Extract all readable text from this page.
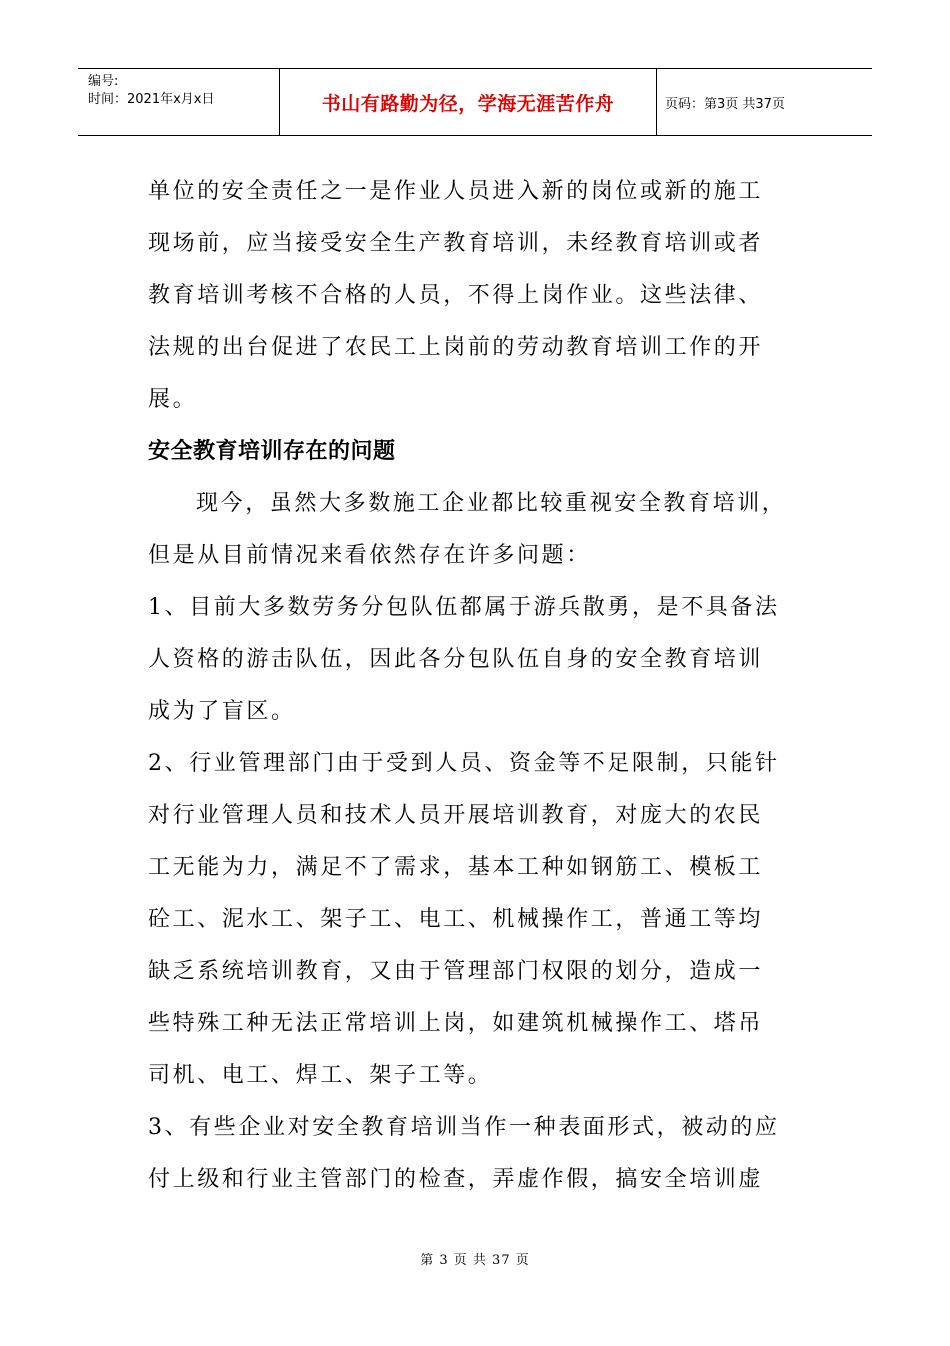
编号:
时间：2021年x月x日	书山有路勤为径，学海无涯苦作舟	页码：第3页 共37页

单位的安全责任之一是作业人员进入新的岗位或新的施工

现场前，应当接受安全生产教育培训，未经教育培训或者

教育培训考核不合格的人员，不得上岗作业。这些法律、

法规的出台促进了农民工上岗前的劳动教育培训工作的开

展。

安全教育培训存在的问题

现今，虽然大多数施工企业都比较重视安全教育培训，

但是从目前情况来看依然存在许多问题：

1、目前大多数劳务分包队伍都属于游兵散勇，是不具备法

人资格的游击队伍，因此各分包队伍自身的安全教育培训

成为了盲区。

2、行业管理部门由于受到人员、资金等不足限制，只能针

对行业管理人员和技术人员开展培训教育，对庞大的农民

工无能为力，满足不了需求，基本工种如钢筋工、模板工

砼工、泥水工、架子工、电工、机械操作工，普通工等均

缺乏系统培训教育，又由于管理部门权限的划分，造成一

些特殊工种无法正常培训上岗，如建筑机械操作工、塔吊

司机、电工、焊工、架子工等。

3、有些企业对安全教育培训当作一种表面形式，被动的应

付上级和行业主管部门的检查，弄虚作假，搞安全培训虚

第 3 页 共 37 页
